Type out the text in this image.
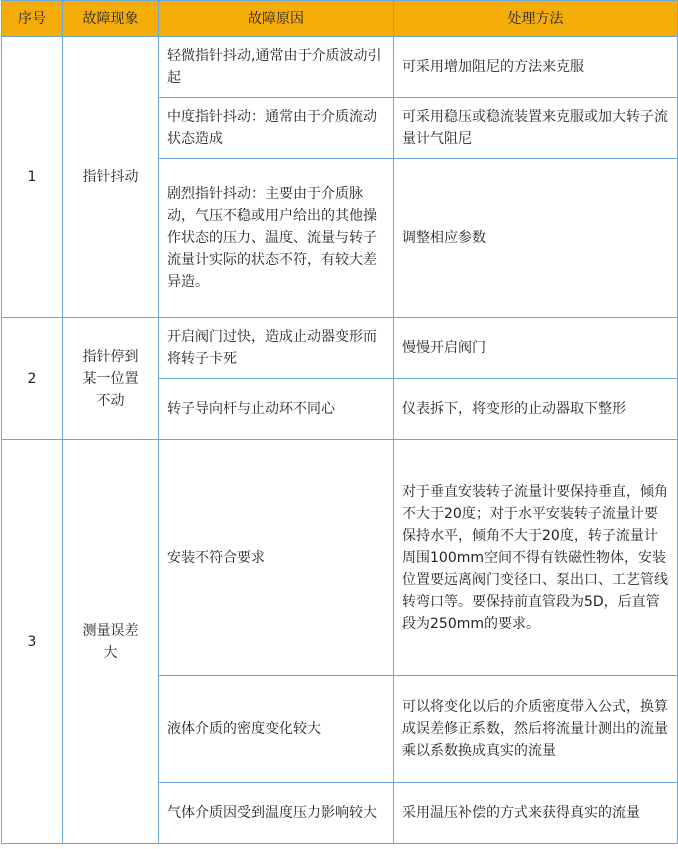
序号	故障现象	故障原因	处理方法
1	指针抖动	轻微指针抖动,通常由于介质波动引起	可采用增加阻尼的方法来克服
		中度指针抖动：通常由于介质流动状态造成	可采用稳压或稳流装置来克服或加大转子流量计气阻尼
		剧烈指针抖动：主要由于介质脉动，气压不稳或用户给出的其他操作状态的压力、温度、流量与转子流量计实际的状态不符，有较大差异造。	调整相应参数
2	指针停到某一位置不动	开启阀门过快，造成止动器变形而将转子卡死	慢慢开启阀门
		转子导向杆与止动环不同心	仪表拆下，将变形的止动器取下整形
3	测量误差大	安装不符合要求	对于垂直安装转子流量计要保持垂直，倾角不大于20度；对于水平安装转子流量计要保持水平，倾角不大于20度，转子流量计周围100mm空间不得有铁磁性物体，安装位置要远离阀门变径口、泵出口、工艺管线转弯口等。要保持前直管段为5D，后直管段为250mm的要求。
		液体介质的密度变化较大	可以将变化以后的介质密度带入公式，换算成误差修正系数，然后将流量计测出的流量乘以系数换成真实的流量
		气体介质因受到温度压力影响较大	采用温压补偿的方式来获得真实的流量
